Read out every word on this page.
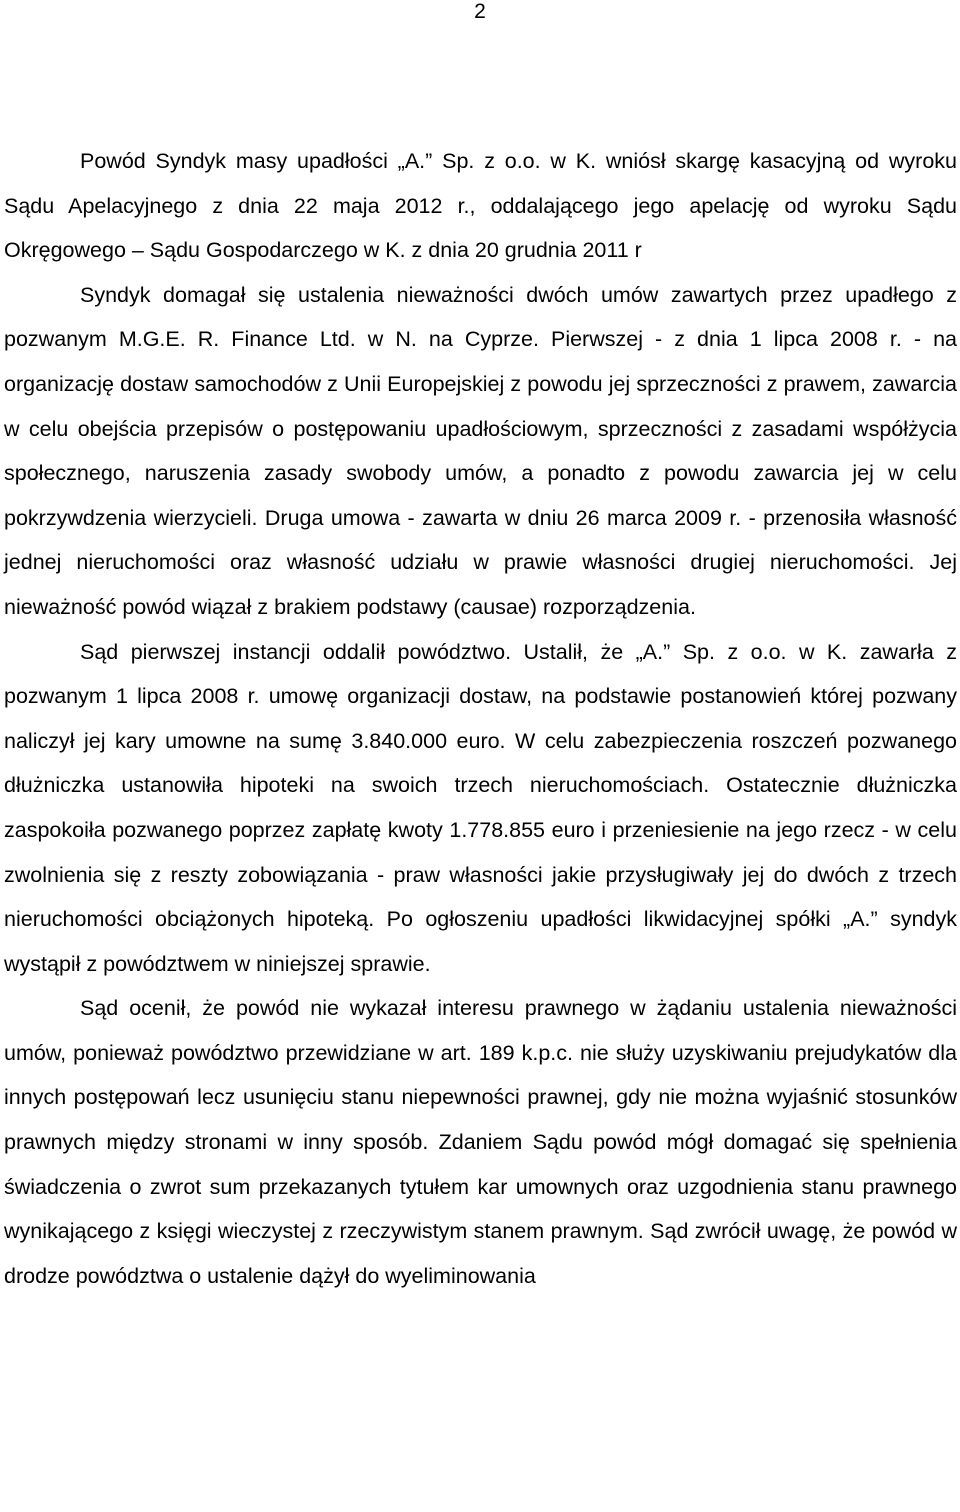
2

Powód Syndyk masy upadłości „A.” Sp. z o.o. w K. wniósł skargę kasacyjną od wyroku Sądu Apelacyjnego z dnia 22 maja 2012 r., oddalającego jego apelację od wyroku Sądu Okręgowego – Sądu Gospodarczego w K. z dnia 20 grudnia 2011 r

Syndyk domagał się ustalenia nieważności dwóch umów zawartych przez upadłego z pozwanym M.G.E. R. Finance Ltd. w N. na Cyprze. Pierwszej - z dnia 1 lipca 2008 r. - na organizację dostaw samochodów z Unii Europejskiej z powodu jej sprzeczności z prawem, zawarcia w celu obejścia przepisów o postępowaniu upadłościowym, sprzeczności z zasadami współżycia społecznego, naruszenia zasady swobody umów, a ponadto z powodu zawarcia jej w celu pokrzywdzenia wierzycieli. Druga umowa - zawarta w dniu 26 marca 2009 r. - przenosiła własność jednej nieruchomości oraz własność udziału w prawie własności drugiej nieruchomości. Jej nieważność powód wiązał z brakiem podstawy (causae) rozporządzenia.

Sąd pierwszej instancji oddalił powództwo. Ustalił, że „A.” Sp. z o.o. w K. zawarła z pozwanym 1 lipca 2008 r. umowę organizacji dostaw, na podstawie postanowień której pozwany naliczył jej kary umowne na sumę 3.840.000 euro. W celu zabezpieczenia roszczeń pozwanego dłużniczka ustanowiła hipoteki na swoich trzech nieruchomościach. Ostatecznie dłużniczka zaspokoiła pozwanego poprzez zapłatę kwoty 1.778.855 euro i przeniesienie na jego rzecz - w celu zwolnienia się z reszty zobowiązania - praw własności jakie przysługiwały jej do dwóch z trzech nieruchomości obciążonych hipoteką. Po ogłoszeniu upadłości likwidacyjnej spółki „A.” syndyk wystąpił z powództwem w niniejszej sprawie.

Sąd ocenił, że powód nie wykazał interesu prawnego w żądaniu ustalenia nieważności umów, ponieważ powództwo przewidziane w art. 189 k.p.c. nie służy uzyskiwaniu prejudykatów dla innych postępowań lecz usunięciu stanu niepewności prawnej, gdy nie można wyjaśnić stosunków prawnych między stronami w inny sposób. Zdaniem Sądu powód mógł domagać się spełnienia świadczenia o zwrot sum przekazanych tytułem kar umownych oraz uzgodnienia stanu prawnego wynikającego z księgi wieczystej z rzeczywistym stanem prawnym. Sąd zwrócił uwagę, że powód w drodze powództwa o ustalenie dążył do wyeliminowania
